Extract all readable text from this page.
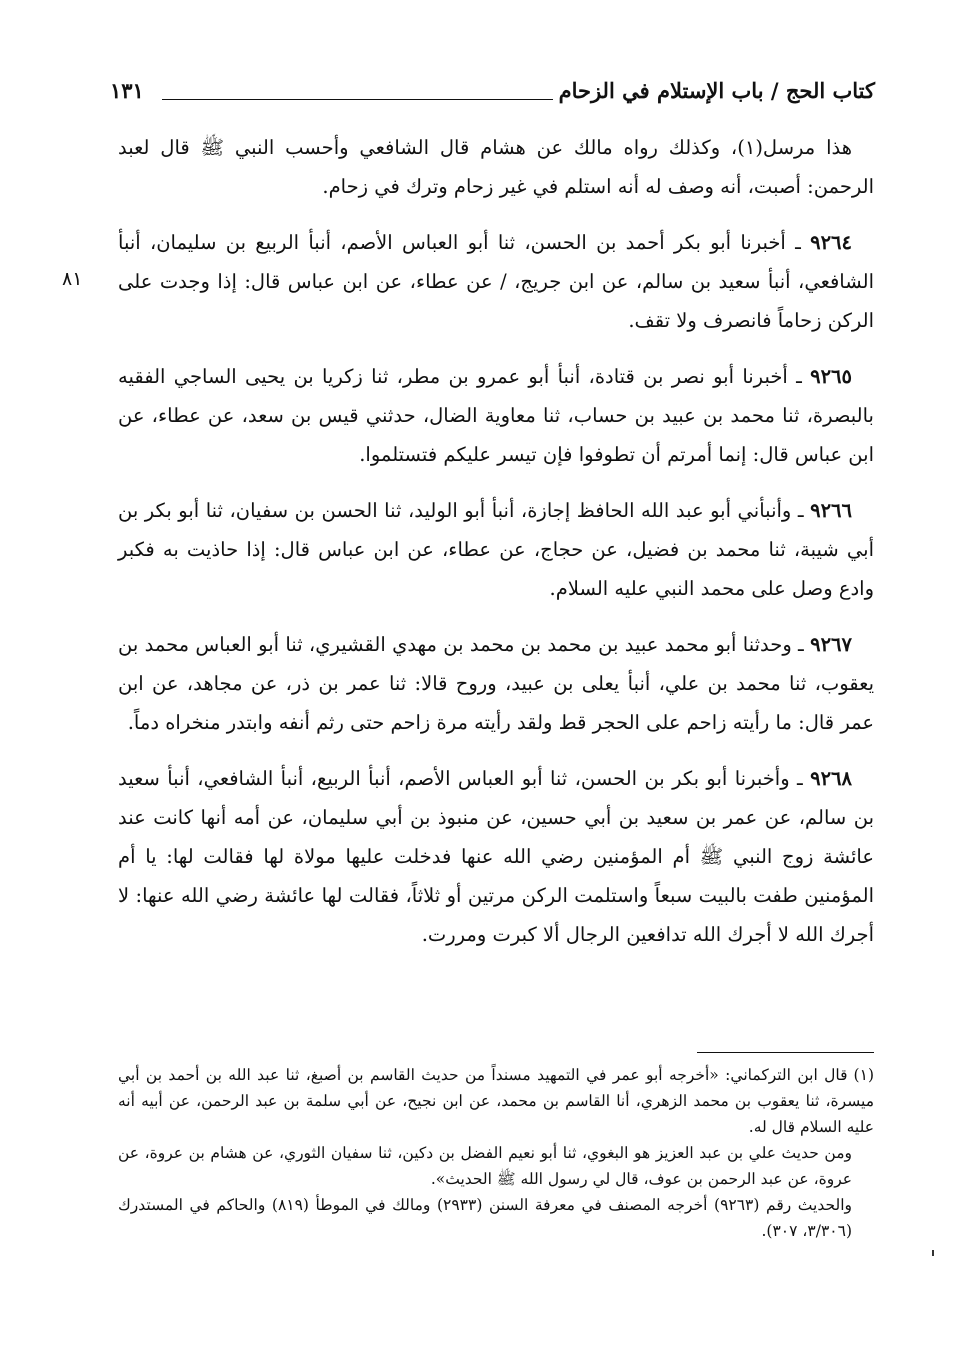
كتاب الحج / باب الإستلام في الزحام
١٣١
٨١

هذا مرسل(١)، وكذلك رواه مالك عن هشام قال الشافعي وأحسب النبي ﷺ قال لعبد الرحمن: أصبت، أنه وصف له أنه استلم في غير زحام وترك في زحام.

٩٢٦٤ ـ أخبرنا أبو بكر أحمد بن الحسن، ثنا أبو العباس الأصم، أنبأ الربيع بن سليمان، أنبأ الشافعي، أنبأ سعيد بن سالم، عن ابن جريج، / عن عطاء، عن ابن عباس قال: إذا وجدت على الركن زحاماً فانصرف ولا تقف.

٩٢٦٥ ـ أخبرنا أبو نصر بن قتادة، أنبأ أبو عمرو بن مطر، ثنا زكريا بن يحيى الساجي الفقيه بالبصرة، ثنا محمد بن عبيد بن حساب، ثنا معاوية الضال، حدثني قيس بن سعد، عن عطاء، عن ابن عباس قال: إنما أمرتم أن تطوفوا فإن تيسر عليكم فتستلموا.

٩٢٦٦ ـ وأنبأني أبو عبد الله الحافظ إجازة، أنبأ أبو الوليد، ثنا الحسن بن سفيان، ثنا أبو بكر بن أبي شيبة، ثنا محمد بن فضيل، عن حجاج، عن عطاء، عن ابن عباس قال: إذا حاذيت به فكبر وادع وصل على محمد النبي عليه السلام.

٩٢٦٧ ـ وحدثنا أبو محمد عبيد بن محمد بن محمد بن مهدي القشيري، ثنا أبو العباس محمد بن يعقوب، ثنا محمد بن علي، أنبأ يعلى بن عبيد، وروح قالا: ثنا عمر بن ذر، عن مجاهد، عن ابن عمر قال: ما رأيته زاحم على الحجر قط ولقد رأيته مرة زاحم حتى رثم أنفه وابتدر منخراه دماً.

٩٢٦٨ ـ وأخبرنا أبو بكر بن الحسن، ثنا أبو العباس الأصم، أنبأ الربيع، أنبأ الشافعي، أنبأ سعيد بن سالم، عن عمر بن سعيد بن أبي حسين، عن منبوذ بن أبي سليمان، عن أمه أنها كانت عند عائشة زوج النبي ﷺ أم المؤمنين رضي الله عنها فدخلت عليها مولاة لها فقالت لها: يا أم المؤمنين طفت بالبيت سبعاً واستلمت الركن مرتين أو ثلاثاً، فقالت لها عائشة رضي الله عنها: لا أجرك الله لا أجرك الله تدافعين الرجال ألا كبرت ومررت.

(١)قال ابن التركماني: «أخرجه أبو عمر في التمهيد مسنداً من حديث القاسم بن أصبغ، ثنا عبد الله بن أحمد بن أبي ميسرة، ثنا يعقوب بن محمد الزهري، أنا القاسم بن محمد، عن ابن نجيح، عن أبي سلمة بن عبد الرحمن، عن أبيه أنه عليه السلام قال له.

ومن حديث علي بن عبد العزيز هو البغوي، ثنا أبو نعيم الفضل بن دكين، ثنا سفيان الثوري، عن هشام بن عروة، عن عروة، عن عبد الرحمن بن عوف، قال لي رسول الله ﷺ الحديث».

والحديث رقم (٩٢٦٣) أخرجه المصنف في معرفة السنن (٢٩٣٣) ومالك في الموطأ (٨١٩) والحاكم في المستدرك (٣/٣٠٦، ٣٠٧).
